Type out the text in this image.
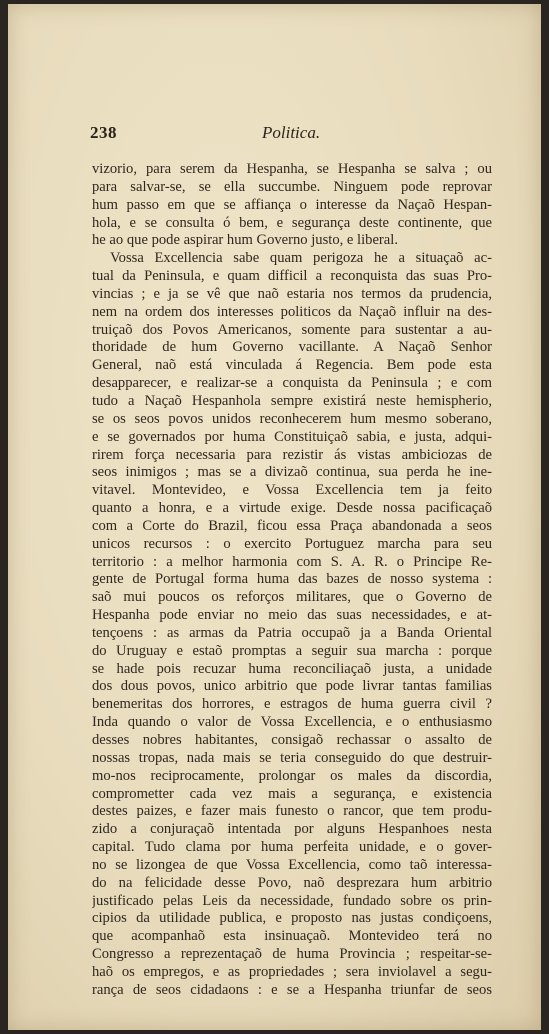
238	Politica.
vizorio, para serem da Hespanha, se Hespanha se salva ; ou
para salvar-se, se ella succumbe. Ninguem pode reprovar
hum passo em que se affiança o interesse da Naçaõ Hespan-
hola, e se consulta ó bem, e segurança deste continente, que
he ao que pode aspirar hum Governo justo, e liberal.
Vossa Excellencia sabe quam perigoza he a situaçaõ ac-
tual da Peninsula, e quam difficil a reconquista das suas Pro-
vincias ; e ja se vê que naõ estaria nos termos da prudencia,
nem na ordem dos interesses politicos da Naçaõ influir na des-
truiçaõ dos Povos Americanos, somente para sustentar a au-
thoridade de hum Governo vacillante. A Naçaõ Senhor
General, naõ está vinculada á Regencia. Bem pode esta
desapparecer, e realizar-se a conquista da Peninsula ; e com
tudo a Naçaõ Hespanhola sempre existirá neste hemispherio,
se os seos povos unidos reconhecerem hum mesmo soberano,
e se governados por huma Constituiçaõ sabia, e justa, adqui-
rirem força necessaria para rezistir ás vistas ambiciozas de
seos inimigos ; mas se a divizaõ continua, sua perda he ine-
vitavel. Montevideo, e Vossa Excellencia tem ja feito
quanto a honra, e a virtude exige. Desde nossa pacificaçaõ
com a Corte do Brazil, ficou essa Praça abandonada a seos
unicos recursos : o exercito Portuguez marcha para seu
territorio : a melhor harmonia com S. A. R. o Principe Re-
gente de Portugal forma huma das bazes de nosso systema :
saõ mui poucos os reforços militares, que o Governo de
Hespanha pode enviar no meio das suas necessidades, e at-
tençoens : as armas da Patria occupaõ ja a Banda Oriental
do Uruguay e estaõ promptas a seguir sua marcha : porque
se hade pois recuzar huma reconciliaçaõ justa, a unidade
dos dous povos, unico arbitrio que pode livrar tantas familias
benemeritas dos horrores, e estragos de huma guerra civil ?
Inda quando o valor de Vossa Excellencia, e o enthusiasmo
desses nobres habitantes, consigaõ rechassar o assalto de
nossas tropas, nada mais se teria conseguido do que destruir-
mo-nos reciprocamente, prolongar os males da discordia,
comprometter cada vez mais a segurança, e existencia
destes paizes, e fazer mais funesto o rancor, que tem produ-
zido a conjuraçaõ intentada por alguns Hespanhoes nesta
capital. Tudo clama por huma perfeita unidade, e o gover-
no se lizongea de que Vossa Excellencia, como taõ interessa-
do na felicidade desse Povo, naõ desprezara hum arbitrio
justificado pelas Leis da necessidade, fundado sobre os prin-
cipios da utilidade publica, e proposto nas justas condiçoens,
que acompanhaõ esta insinuaçaõ. Montevideo terá no
Congresso a reprezentaçaõ de huma Provincia ; respeitar-se-
haõ os empregos, e as propriedades ; sera inviolavel a segu-
rança de seos cidadaons : e se a Hespanha triunfar de seos
